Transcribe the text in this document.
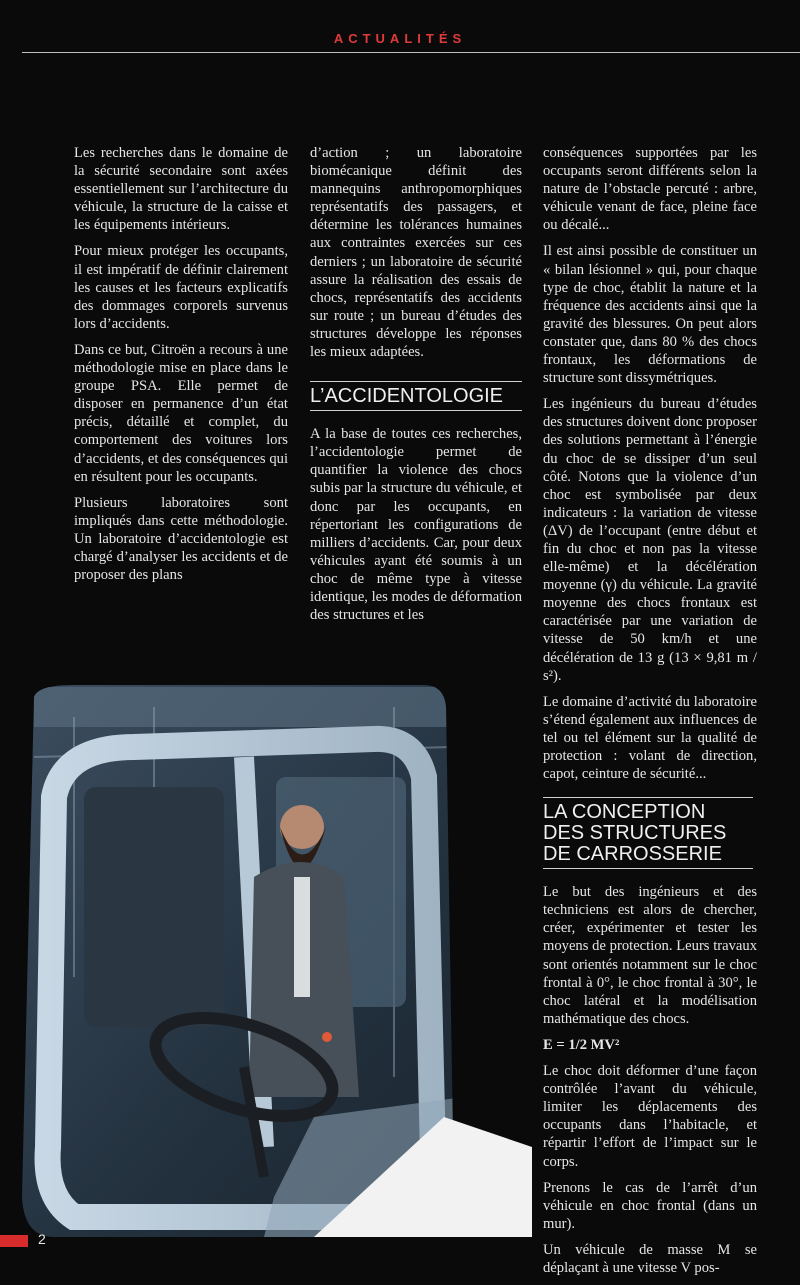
ACTUALITÉS

Les recherches dans le domaine de la sécurité secondaire sont axées essentiellement sur l’architecture du véhicule, la structure de la caisse et les équipements intérieurs.

Pour mieux protéger les occupants, il est impératif de définir clairement les causes et les facteurs explicatifs des dommages corporels survenus lors d’accidents.

Dans ce but, Citroën a recours à une méthodologie mise en place dans le groupe PSA. Elle permet de disposer en permanence d’un état précis, détaillé et complet, du comportement des voitures lors d’accidents, et des conséquences qui en résultent pour les occupants.

Plusieurs laboratoires sont impliqués dans cette méthodologie. Un laboratoire d’accidentologie est chargé d’analyser les accidents et de proposer des plans

d’action ; un laboratoire biomécanique définit des mannequins anthropomorphiques représentatifs des passagers, et détermine les tolérances humaines aux contraintes exercées sur ces derniers ; un laboratoire de sécurité assure la réalisation des essais de chocs, représentatifs des accidents sur route ; un bureau d’études des structures développe les réponses les mieux adaptées.

L’ACCIDENTOLOGIE

A la base de toutes ces recherches, l’accidentologie permet de quantifier la violence des chocs subis par la structure du véhicule, et donc par les occupants, en répertoriant les configurations de milliers d’accidents. Car, pour deux véhicules ayant été soumis à un choc de même type à vitesse identique, les modes de déformation des structures et les

conséquences supportées par les occupants seront différents selon la nature de l’obstacle percuté : arbre, véhicule venant de face, pleine face ou décalé...

Il est ainsi possible de constituer un « bilan lésionnel » qui, pour chaque type de choc, établit la nature et la fréquence des accidents ainsi que la gravité des blessures. On peut alors constater que, dans 80 % des chocs frontaux, les déformations de structure sont dissymétriques.

Les ingénieurs du bureau d’études des structures doivent donc proposer des solutions permettant à l’énergie du choc de se dissiper d’un seul côté. Notons que la violence d’un choc est symbolisée par deux indicateurs : la variation de vitesse (ΔV) de l’occupant (entre début et fin du choc et non pas la vitesse elle-même) et la décélération moyenne (γ) du véhicule. La gravité moyenne des chocs frontaux est caractérisée par une variation de vitesse de 50 km/h et une décélération de 13 g (13 × 9,81 m / s²).

Le domaine d’activité du laboratoire s’étend également aux influences de tel ou tel élément sur la qualité de protection : volant de direction, capot, ceinture de sécurité...

LA CONCEPTION
DES STRUCTURES
DE CARROSSERIE

Le but des ingénieurs et des techniciens est alors de chercher, créer, expérimenter et tester les moyens de protection. Leurs travaux sont orientés notamment sur le choc frontal à 0°, le choc frontal à 30°, le choc latéral et la modélisation mathématique des chocs.

E = 1/2 MV²

Le choc doit déformer d’une façon contrôlée l’avant du véhicule, limiter les déplacements des occupants dans l’habitacle, et répartir l’effort de l’impact sur le corps.

Prenons le cas de l’arrêt d’un véhicule en choc frontal (dans un mur).

Un véhicule de masse M se déplaçant à une vitesse V pos-

2
